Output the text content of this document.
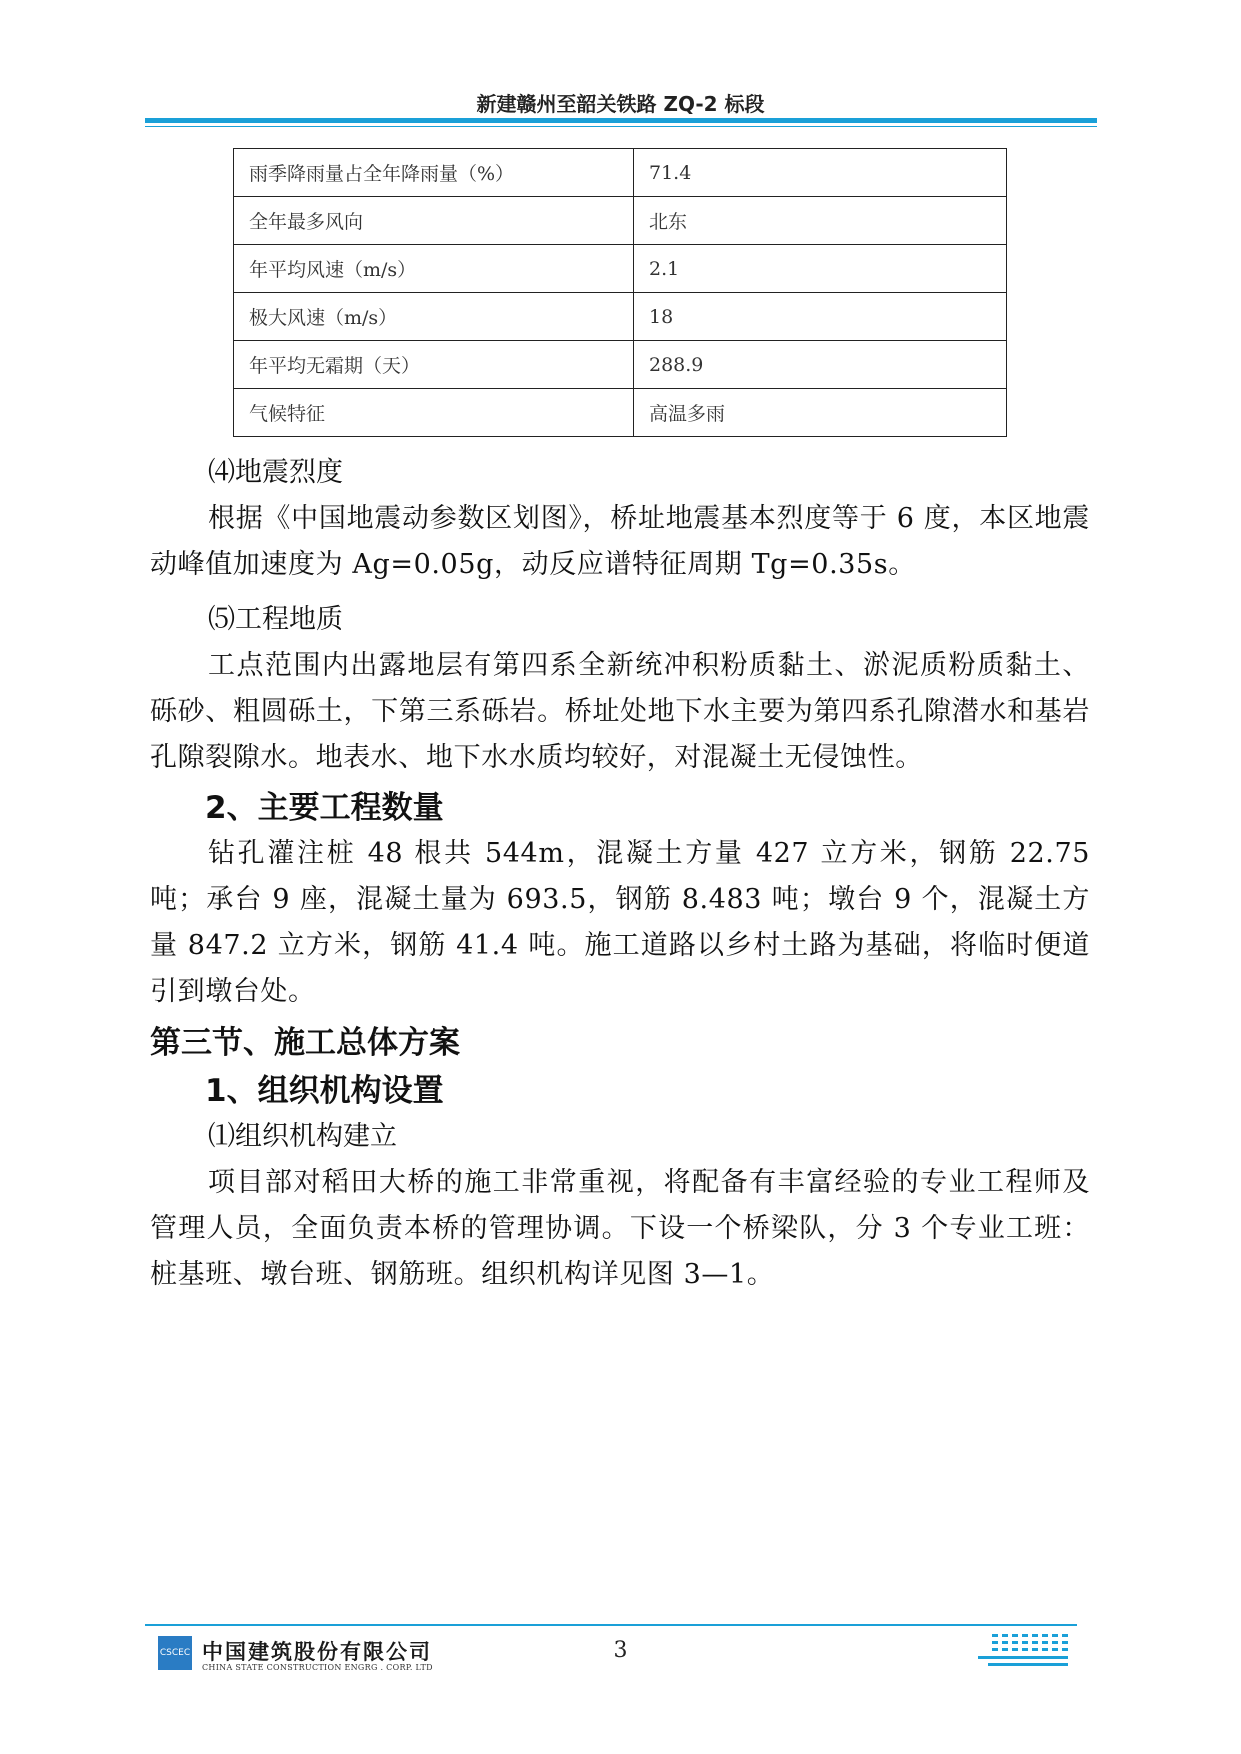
新建赣州至韶关铁路 ZQ-2 标段
雨季降雨量占全年降雨量（%）	71.4
全年最多风向	北东
年平均风速（m/s）	2.1
极大风速（m/s）	18
年平均无霜期（天）	288.9
气候特征	高温多雨
⑷地震烈度
根据《中国地震动参数区划图》，桥址地震基本烈度等于 6 度，本区地震动峰值加速度为 Ag=0.05g，动反应谱特征周期 Tg=0.35s。
⑸工程地质
工点范围内出露地层有第四系全新统冲积粉质黏土、淤泥质粉质黏土、砾砂、粗圆砾土，下第三系砾岩。桥址处地下水主要为第四系孔隙潜水和基岩孔隙裂隙水。地表水、地下水水质均较好，对混凝土无侵蚀性。
2、主要工程数量
钻孔灌注桩 48 根共 544m，混凝土方量 427 立方米，钢筋 22.75 吨；承台 9 座，混凝土量为 693.5，钢筋 8.483 吨；墩台 9 个，混凝土方量 847.2 立方米，钢筋 41.4 吨。施工道路以乡村土路为基础，将临时便道引到墩台处。
第三节、施工总体方案
1、组织机构设置
⑴组织机构建立
项目部对稻田大桥的施工非常重视，将配备有丰富经验的专业工程师及管理人员，全面负责本桥的管理协调。下设一个桥梁队，分 3 个专业工班：桩基班、墩台班、钢筋班。组织机构详见图 3—1。
CSCEC 中国建筑股份有限公司
CHINA STATE CONSTRUCTION ENGRG . CORP. LTD
3
